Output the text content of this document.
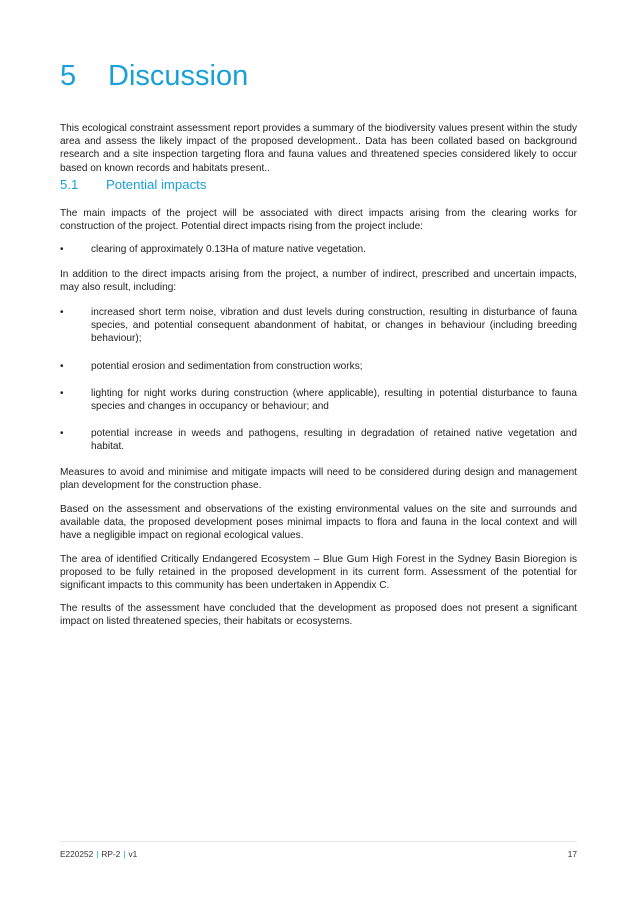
5 Discussion

This ecological constraint assessment report provides a summary of the biodiversity values present within the study area and assess the likely impact of the proposed development.. Data has been collated based on background research and a site inspection targeting flora and fauna values and threatened species considered likely to occur based on known records and habitats present..

5.1 Potential impacts

The main impacts of the project will be associated with direct impacts arising from the clearing works for construction of the project. Potential direct impacts rising from the project include:

•	clearing of approximately 0.13Ha of mature native vegetation.

In addition to the direct impacts arising from the project, a number of indirect, prescribed and uncertain impacts, may also result, including:

•	increased short term noise, vibration and dust levels during construction, resulting in disturbance of fauna species, and potential consequent abandonment of habitat, or changes in behaviour (including breeding behaviour);
•	potential erosion and sedimentation from construction works;
•	lighting for night works during construction (where applicable), resulting in potential disturbance to fauna species and changes in occupancy or behaviour; and
•	potential increase in weeds and pathogens, resulting in degradation of retained native vegetation and habitat.

Measures to avoid and minimise and mitigate impacts will need to be considered during design and management plan development for the construction phase.

Based on the assessment and observations of the existing environmental values on the site and surrounds and available data, the proposed development poses minimal impacts to flora and fauna in the local context and will have a negligible impact on regional ecological values.

The area of identified Critically Endangered Ecosystem – Blue Gum High Forest in the Sydney Basin Bioregion is proposed to be fully retained in the proposed development in its current form. Assessment of the potential for significant impacts to this community has been undertaken in Appendix C.

The results of the assessment have concluded that the development as proposed does not present a significant impact on listed threatened species, their habitats or ecosystems.

E220252 | RP-2 | v1	17
